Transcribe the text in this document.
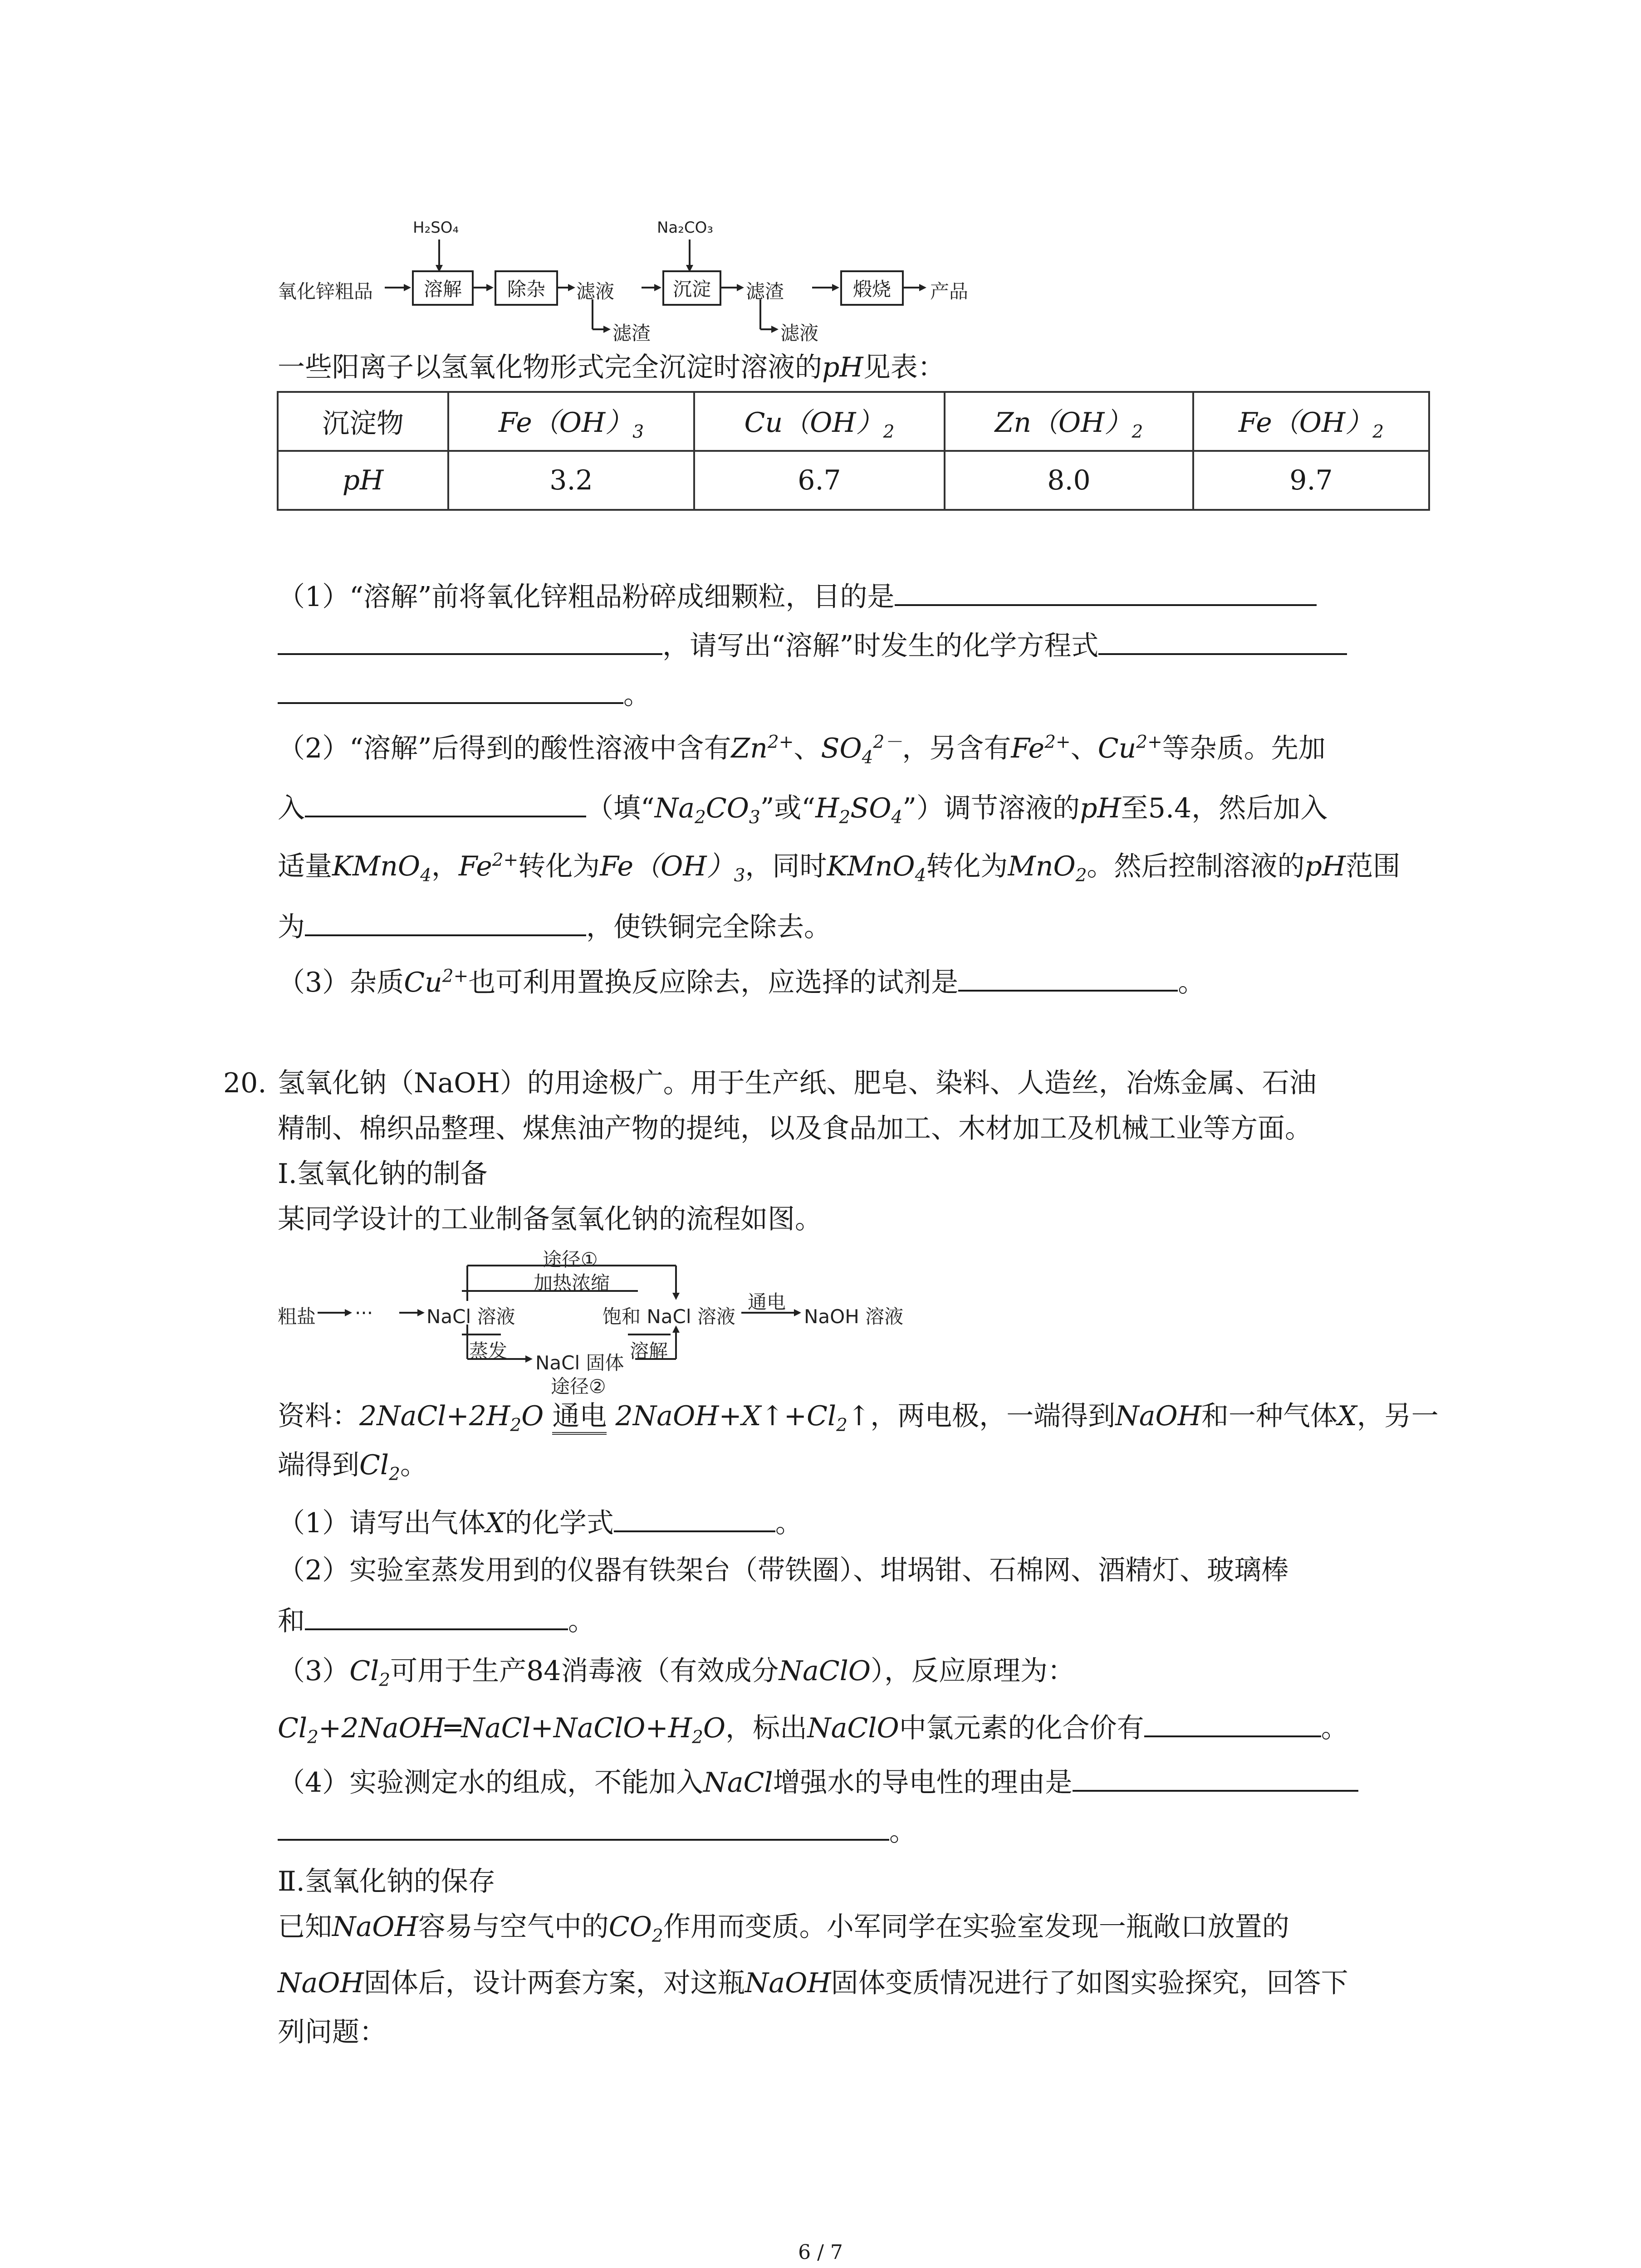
氧化锌粗品
H₂SO₄
溶解	除杂	滤液
滤渣
Na₂CO₃
沉淀	滤渣
滤液
煅烧	产品
一些阳离子以氢氧化物形式完全沉淀时溶液的pH见表：
沉淀物	$Fe(OH)_3$	$Cu(OH)_2$	$Zn(OH)_2$	$Fe(OH)_2$
pH	3.2	6.7	8.0	9.7
（1）“溶解”前将氧化锌粗品粉碎成细颗粒，目的是
，请写出“溶解”时发生的化学方程式
。
（2）“溶解”后得到的酸性溶液中含有$Zn^{2+}$、$SO_4^{2-}$，另含有$Fe^{2+}$、$Cu^{2+}$等杂质。先加
入	（填“$Na_2CO_3$”或“$H_2SO_4$”）调节溶液的pH至5.4，然后加入
适量KMnO$_4$，$Fe^{2+}$转化为$Fe(OH)_3$，同时KMnO$_4$转化为MnO$_2$。然后控制溶液的pH范围
为	，使铁铜完全除去。
（3）杂质$Cu^{2+}$也可利用置换反应除去，应选择的试剂是	。
20. 氢氧化钠（NaOH）的用途极广。用于生产纸、肥皂、染料、人造丝，冶炼金属、石油
精制、棉织品整理、煤焦油产物的提纯，以及食品加工、木材加工及机械工业等方面。
Ⅰ.氢氧化钠的制备
某同学设计的工业制备氢氧化钠的流程如图。
粗盐 ···	NaCl 溶液
途径①
加热浓缩
蒸发
NaCl 固体
途径②
溶解
饱和 NaCl 溶液
通电
NaOH 溶液
资料：$2NaCl+2H_2O$ 通电 $2NaOH+X↑+Cl_2↑$，两电极，一端得到NaOH和一种气体X，另一
端得到$Cl_2$。
（1）请写出气体X的化学式	。
（2）实验室蒸发用到的仪器有铁架台（带铁圈）、坩埚钳、石棉网、酒精灯、玻璃棒
和	。
$(3)Cl_2$可用于生产84消毒液（有效成分NaClO），反应原理为：
$Cl_2+2NaOH═NaCl+NaClO+H_2O$，标出NaClO中氯元素的化合价有	。
（4）实验测定水的组成，不能加入NaCl增强水的导电性的理由是
。
Ⅱ.氢氧化钠的保存
已知NaOH容易与空气中的$CO_2$作用而变质。小军同学在实验室发现一瓶敞口放置的
NaOH固体后，设计两套方案，对这瓶NaOH固体变质情况进行了如图实验探究，回答下
列问题：
6 / 7
